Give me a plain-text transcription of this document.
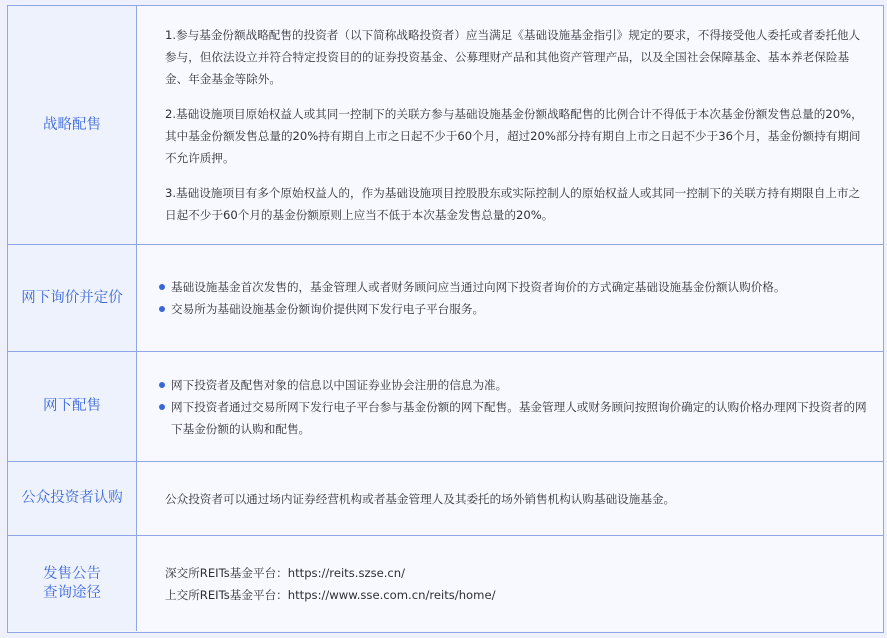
战略配售

1.参与基金份额战略配售的投资者（以下简称战略投资者）应当满足《基础设施基金指引》规定的要求，不得接受他人委托或者委托他人参与，但依法设立并符合特定投资目的的证券投资基金、公募理财产品和其他资产管理产品，以及全国社会保障基金、基本养老保险基金、年金基金等除外。

2.基础设施项目原始权益人或其同一控制下的关联方参与基础设施基金份额战略配售的比例合计不得低于本次基金份额发售总量的20%，其中基金份额发售总量的20%持有期自上市之日起不少于60个月，超过20%部分持有期自上市之日起不少于36个月，基金份额持有期间不允许质押。

3.基础设施项目有多个原始权益人的，作为基础设施项目控股股东或实际控制人的原始权益人或其同一控制下的关联方持有期限自上市之日起不少于60个月的基金份额原则上应当不低于本次基金发售总量的20%。

网下询价并定价
基础设施基金首次发售的，基金管理人或者财务顾问应当通过向网下投资者询价的方式确定基础设施基金份额认购价格。
交易所为基础设施基金份额询价提供网下发行电子平台服务。
网下配售
网下投资者及配售对象的信息以中国证券业协会注册的信息为准。
网下投资者通过交易所网下发行电子平台参与基金份额的网下配售。基金管理人或财务顾问按照询价确定的认购价格办理网下投资者的网下基金份额的认购和配售。
公众投资者认购	公众投资者可以通过场内证券经营机构或者基金管理人及其委托的场外销售机构认购基础设施基金。

发售公告
查询途径

深交所REITs基金平台：https://reits.szse.cn/

上交所REITs基金平台：https://www.sse.com.cn/reits/home/
